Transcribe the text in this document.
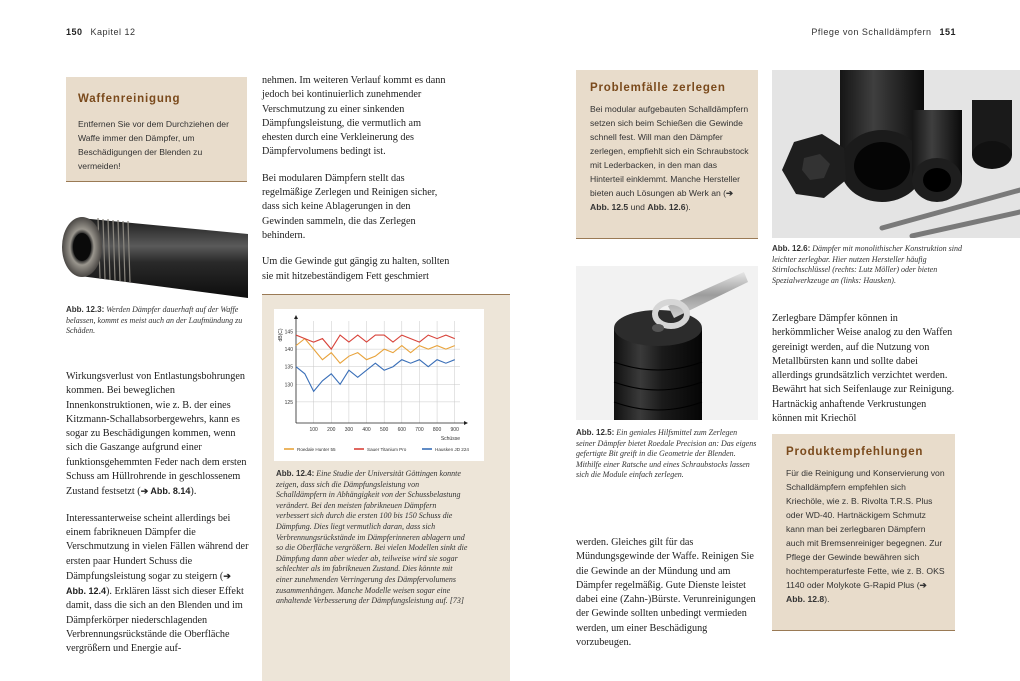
150 Kapitel 12	Pflege von Schalldämpfern 151
Waffenreinigung
Entfernen Sie vor dem Durchziehen der Waffe immer den Dämpfer, um Beschädigungen der Blenden zu vermeiden!
Abb. 12.3: Werden Dämpfer dauerhaft auf der Waffe belassen, kommt es meist auch an der Laufmündung zu Schäden.

Wirkungsverlust von Entlastungsbohrungen kommen. Bei beweglichen Innenkonstruktionen, wie z. B. der eines Kitzmann-Schallabsorbergewehrs, kann es sogar zu Beschädigungen kommen, wenn sich die Gaszange aufgrund einer funktionsgehemmten Feder nach dem ersten Schuss am Hüllrohrende in geschlossenem Zustand festsetzt (➔ Abb. 8.14).

Interessanterweise scheint allerdings bei einem fabrikneuen Dämpfer die Verschmutzung in vielen Fällen während der ersten paar Hundert Schuss die Dämpfungsleistung sogar zu steigern (➔ Abb. 12.4). Erklären lässt sich dieser Effekt damit, dass die sich an den Blenden und im Dämpferkörper niederschlagenden Verbrennungsrückstände die Oberfläche vergrößern und Energie auf-

nehmen. Im weiteren Verlauf kommt es dann jedoch bei kontinuierlich zunehmender Verschmutzung zu einer sinkenden Dämpfungsleistung, die vermutlich am ehesten durch eine Verkleinerung des Dämpfervolumens bedingt ist.

Bei modularen Dämpfern stellt das regelmäßige Zerlegen und Reinigen sicher, dass sich keine Ablagerungen in den Gewinden sammeln, die das Zerlegen behindern.

Um die Gewinde gut gängig zu halten, sollten sie mit hitzebeständigem Fett geschmiert

125
130
135
140
145
100 200 300 400 500 600 700 800 900
dB(C)
Schüsse
Roedale Hunter 55	Sauer Titanium Pro	Hausken JD 224
Abb. 12.4: Eine Studie der Universität Göttingen konnte zeigen, dass sich die Dämpfungsleistung von Schalldämpfern in Abhängigkeit von der Schussbelastung verändert. Bei den meisten fabrikneuen Dämpfern verbessert sich durch die ersten 100 bis 150 Schuss die Dämpfung. Dies liegt vermutlich daran, dass sich Verbrennungsrückstände im Dämpferinneren ablagern und so die Oberfläche vergrößern. Bei vielen Modellen sinkt die Dämpfung dann aber wieder ab, teilweise wird sie sogar schlechter als im fabrikneuen Zustand. Dies könnte mit einer zunehmenden Verringerung des Dämpfervolumens zusammenhängen. Manche Modelle weisen sogar eine anhaltende Verbesserung der Dämpfungsleistung auf. [73]
Problemfälle zerlegen
Bei modular aufgebauten Schalldämpfern setzen sich beim Schießen die Gewinde schnell fest. Will man den Dämpfer zerlegen, empfiehlt sich ein Schraubstock mit Lederbacken, in den man das Hinterteil einklemmt. Manche Hersteller bieten auch Lösungen ab Werk an (➔ Abb. 12.5 und Abb. 12.6).
Abb. 12.5: Ein geniales Hilfsmittel zum Zerlegen seiner Dämpfer bietet Roedale Precision an: Das eigens gefertigte Bit greift in die Geometrie der Blenden. Mithilfe einer Ratsche und eines Schraubstocks lassen sich die Module einfach zerlegen.

werden. Gleiches gilt für das Mündungsgewinde der Waffe. Reinigen Sie die Gewinde an der Mündung und am Dämpfer regelmäßig. Gute Dienste leistet dabei eine (Zahn-)Bürste. Verunreinigungen der Gewinde sollten unbedingt vermieden werden, um einer Beschädigung vorzubeugen.

Abb. 12.6: Dämpfer mit monolithischer Konstruktion sind leichter zerlegbar. Hier nutzen Hersteller häufig Stirnlochschlüssel (rechts: Lutz Möller) oder bieten Spezialwerkzeuge an (links: Hausken).

Zerlegbare Dämpfer können in herkömmlicher Weise analog zu den Waffen gereinigt werden, auf die Nutzung von Metallbürsten kann und sollte dabei allerdings grundsätzlich verzichtet werden. Bewährt hat sich Seifenlauge zur Reinigung. Hartnäckig anhaftende Verkrustungen können mit Kriechöl

Produktempfehlungen
Für die Reinigung und Konservierung von Schalldämpfern empfehlen sich Kriechöle, wie z. B. Rivolta T.R.S. Plus oder WD-40. Hartnäckigem Schmutz kann man bei zerlegbaren Dämpfern auch mit Bremsenreiniger begegnen. Zur Pflege der Gewinde bewähren sich hochtemperaturfeste Fette, wie z. B. OKS 1140 oder Molykote G-Rapid Plus (➔ Abb. 12.8).
